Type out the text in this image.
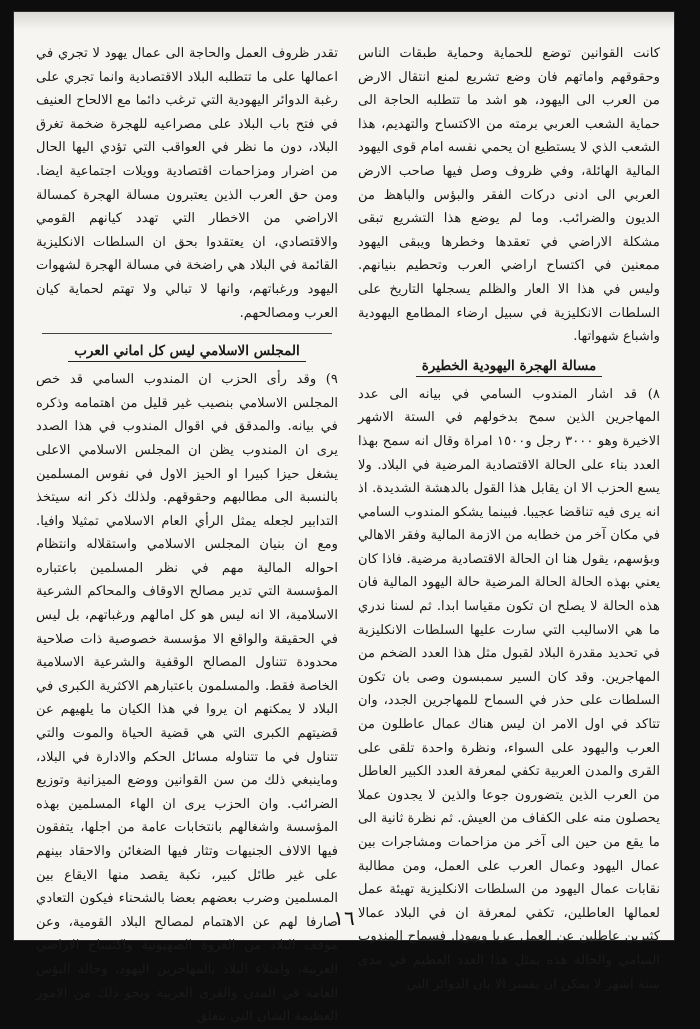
كانت القوانين توضع للحماية وحماية طبقات الناس وحقوقهم واماتهم فان وضع تشريع لمنع انتقال الارض من العرب الى اليهود، هو اشد ما تتطلبه الحاجة الى حماية الشعب العربي برمته من الاكتساح والتهديم، هذا الشعب الذي لا يستطيع ان يحمي نفسه امام قوى اليهود المالية الهائلة، وفي ظروف وصل فيها صاحب الارض العربي الى ادنى دركات الفقر والبؤس والباهظ من الديون والضرائب. وما لم يوضع هذا التشريع تبقى مشكلة الاراضي في تعقدها وخطرها ويبقى اليهود ممعنين في اكتساح اراضي العرب وتحطيم بنيانهم. وليس في هذا الا العار والظلم يسجلها التاريخ على السلطات الانكليزية في سبيل ارضاء المطامع اليهودية واشباع شهواتها.

مسالة الهجرة اليهودية الخطيرة

٨) قد اشار المندوب السامي في بيانه الى عدد المهاجرين الذين سمح بدخولهم في الستة الاشهر الاخيرة وهو ٣٠٠٠ رجل و١٥٠٠ امراة وقال انه سمح بهذا العدد بناء على الحالة الاقتصادية المرضية في البلاد. ولا يسع الحزب الا ان يقابل هذا القول بالدهشة الشديدة. اذ انه يرى فيه تناقضا عجيبا. فبينما يشكو المندوب السامي في مكان آخر من خطابه من الازمة المالية وفقر الاهالي وبؤسهم، يقول هنا ان الحالة الاقتصادية مرضية. فاذا كان يعني بهذه الحالة الحالة المرضية حالة اليهود المالية فان هذه الحالة لا يصلح ان تكون مقياسا ابدا. ثم لسنا ندري ما هي الاساليب التي سارت عليها السلطات الانكليزية في تحديد مقدرة البلاد لقبول مثل هذا العدد الضخم من المهاجرين. وقد كان السير سمبسون وصى بان تكون السلطات على حذر في السماح للمهاجرين الجدد، وان تتاكد في اول الامر ان ليس هناك عمال عاطلون من العرب واليهود على السواء، ونظرة واحدة تلقى على القرى والمدن العربية تكفي لمعرفة العدد الكبير العاطل من العرب الذين يتضورون جوعا والذين لا يجدون عملا يحصلون منه على الكفاف من العيش. ثم نظرة ثانية الى ما يقع من حين الى آخر من مزاحمات ومشاجرات بين عمال اليهود وعمال العرب على العمل، ومن مطالبة نقابات عمال اليهود من السلطات الانكليزية تهيئة عمل لعمالها العاطلين، تكفي لمعرفة ان في البلاد عمالا كثيرين عاطلين عن العمل عربا ويهودا. فسماح المندوب السامي والحالة هذه بمثل هذا العدد العظيم في مدى ستة اشهر لا يمكن ان يفسر الا بان الدوائر التي

تقدر ظروف العمل والحاجة الى عمال يهود لا تجري في اعمالها على ما تتطلبه البلاد الاقتصادية وانما تجري على رغبة الدوائر اليهودية التي ترغب دائما مع الالحاح العنيف في فتح باب البلاد على مصراعيه للهجرة ضخمة تغرق البلاد، دون ما نظر في العواقب التي تؤدي اليها الحال من اضرار ومزاحمات اقتصادية وويلات اجتماعية ايضا. ومن حق العرب الذين يعتبرون مسالة الهجرة كمسالة الاراضي من الاخطار التي تهدد كيانهم القومي والاقتصادي، ان يعتقدوا بحق ان السلطات الانكليزية القائمة في البلاد هي راضخة في مسالة الهجرة لشهوات اليهود ورغباتهم، وانها لا تبالي ولا تهتم لحماية كيان العرب ومصالحهم.

المجلس الاسلامي ليس كل اماني العرب

٩) وقد رأى الحزب ان المندوب السامي قد خص المجلس الاسلامي بنصيب غير قليل من اهتمامه وذكره في بيانه. والمدقق في اقوال المندوب في هذا الصدد يرى ان المندوب يظن ان المجلس الاسلامي الاعلى يشغل حيزا كبيرا او الحيز الاول في نفوس المسلمين بالنسبة الى مطالبهم وحقوقهم. ولذلك ذكر انه سيتخذ التدابير لجعله يمثل الرأي العام الاسلامي تمثيلا وافيا. ومع ان بنيان المجلس الاسلامي واستقلاله وانتظام احواله المالية مهم في نظر المسلمين باعتباره المؤسسة التي تدير مصالح الاوقاف والمحاكم الشرعية الاسلامية، الا انه ليس هو كل امالهم ورغباتهم، بل ليس في الحقيقة والواقع الا مؤسسة خصوصية ذات صلاحية محدودة تتناول المصالح الوقفية والشرعية الاسلامية الخاصة فقط. والمسلمون باعتبارهم الاكثرية الكبرى في البلاد لا يمكنهم ان يروا في هذا الكيان ما يلهيهم عن قضيتهم الكبرى التي هي قضية الحياة والموت والتي تتناول في ما تتناوله مسائل الحكم والادارة في البلاد، وماينبغي ذلك من سن القوانين ووضع الميزانية وتوزيع الضرائب. وان الحزب يرى ان الهاء المسلمين بهذه المؤسسة واشغالهم بانتخابات عامة من اجلها، يتفقون فيها الالاف الجنيهات وتثار فيها الضغائن والاحقاد بينهم على غير طائل كبير، نكبة يقصد منها الايقاع بين المسلمين وضرب بعضهم بعضا بالشحناء فيكون التعادي صارفا لهم عن الاهتمام لمصالح البلاد القومية، وعن موقف البلاد من الغزوة الصهيونية واكتساح الاراضي العربية، وامتلاء البلاد بالمهاجرين اليهود، وحالة البؤس العامة في المدن والقرى العربية ونحو ذلك من الامور العظيمة الشان التي تتعلق

١٦
